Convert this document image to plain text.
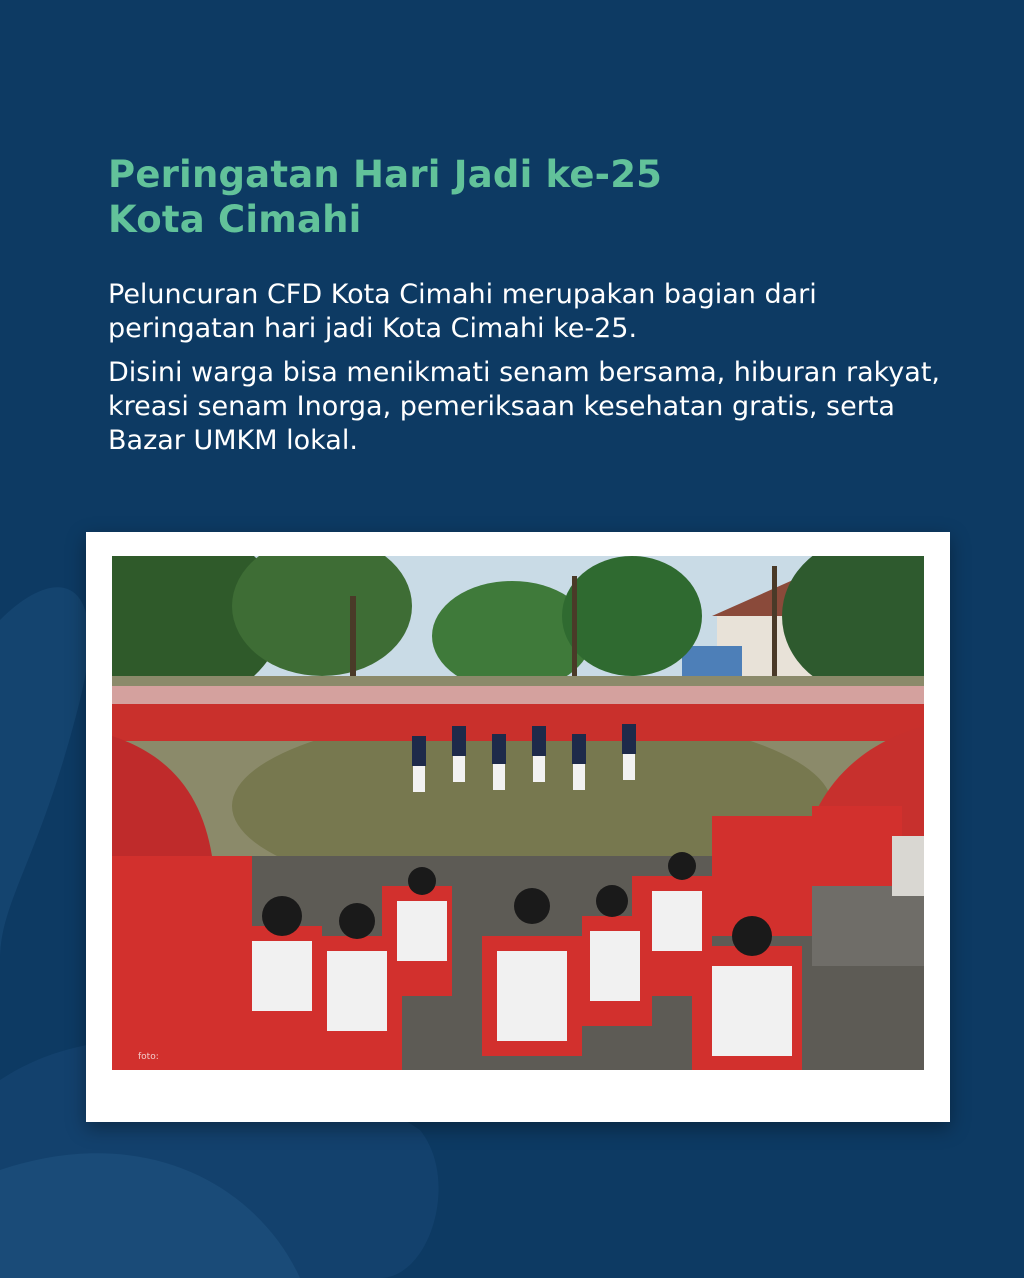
Peringatan Hari Jadi ke-25
Kota Cimahi

Peluncuran CFD Kota Cimahi merupakan bagian dari peringatan hari jadi Kota Cimahi ke-25.

Disini warga bisa menikmati senam bersama, hiburan rakyat, kreasi senam Inorga, pemeriksaan kesehatan gratis, serta Bazar UMKM lokal.

foto:
